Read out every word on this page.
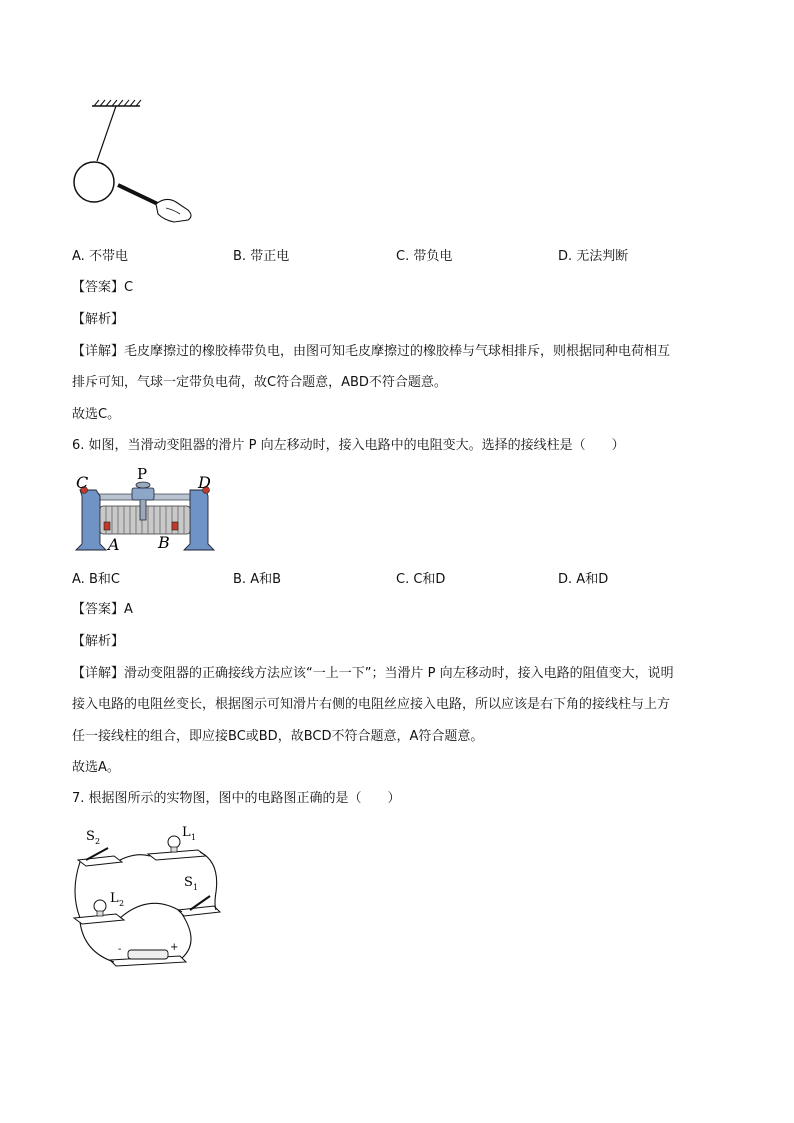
A. 不带电	B. 带正电	C. 带负电	D. 无法判断
【答案】C
【解析】
【详解】毛皮摩擦过的橡胶棒带负电，由图可知毛皮摩擦过的橡胶棒与气球相排斥，则根据同种电荷相互
排斥可知，气球一定带负电荷，故C符合题意，ABD不符合题意。
故选C。
6. 如图，当滑动变阻器的滑片 P 向左移动时，接入电路中的电阻变大。选择的接线柱是（　　）
C	P	D
A B
A. B和C	B. A和B	C. C和D	D. A和D
【答案】A
【解析】
【详解】滑动变阻器的正确接线方法应该“一上一下”；当滑片 P 向左移动时，接入电路的阻值变大，说明
接入电路的电阻丝变长，根据图示可知滑片右侧的电阻丝应接入电路，所以应该是右下角的接线柱与上方
任一接线柱的组合，即应接BC或BD，故BCD不符合题意，A符合题意。
故选A。
7. 根据图所示的实物图，图中的电路图正确的是（　　）
S 2
L 1
L 2
S 1
-	+
